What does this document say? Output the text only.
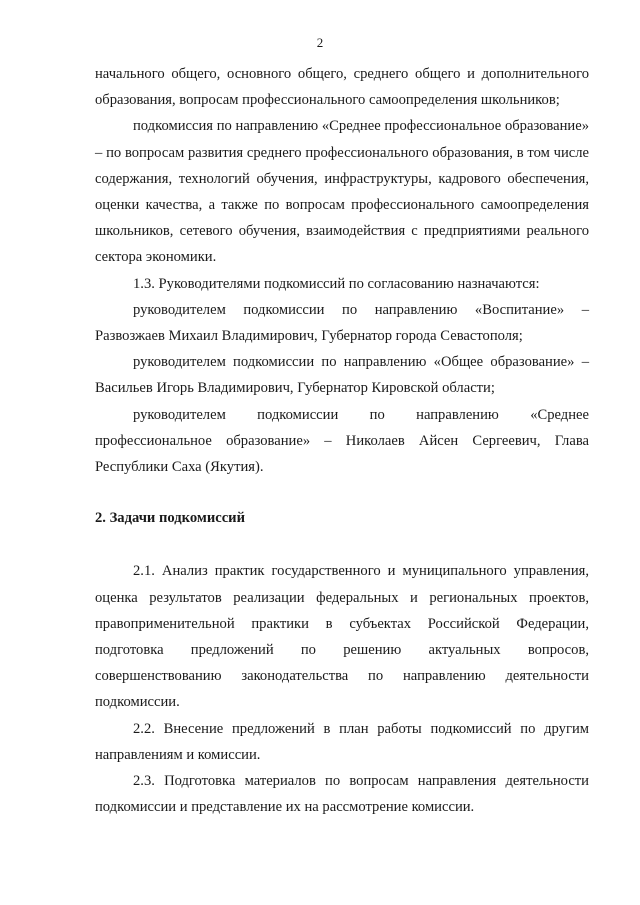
2

начального общего, основного общего, среднего общего и дополнительного образования, вопросам профессионального самоопределения школьников;

подкомиссия по направлению «Среднее профессиональное образование» – по вопросам развития среднего профессионального образования, в том числе содержания, технологий обучения, инфраструктуры, кадрового обеспечения, оценки качества, а также по вопросам профессионального самоопределения школьников, сетевого обучения, взаимодействия с предприятиями реального сектора экономики.

1.3. Руководителями подкомиссий по согласованию назначаются:

руководителем подкомиссии по направлению «Воспитание» – Развозжаев Михаил Владимирович, Губернатор города Севастополя;

руководителем подкомиссии по направлению «Общее образование» – Васильев Игорь Владимирович, Губернатор Кировской области;

руководителем подкомиссии по направлению «Среднее профессиональное образование» – Николаев Айсен Сергеевич, Глава Республики Саха (Якутия).

2. Задачи подкомиссий

2.1. Анализ практик государственного и муниципального управления, оценка результатов реализации федеральных и региональных проектов, правоприменительной практики в субъектах Российской Федерации, подготовка предложений по решению актуальных вопросов, совершенствованию законодательства по направлению деятельности подкомиссии.

2.2. Внесение предложений в план работы подкомиссий по другим направлениям и комиссии.

2.3. Подготовка материалов по вопросам направления деятельности подкомиссии и представление их на рассмотрение комиссии.
